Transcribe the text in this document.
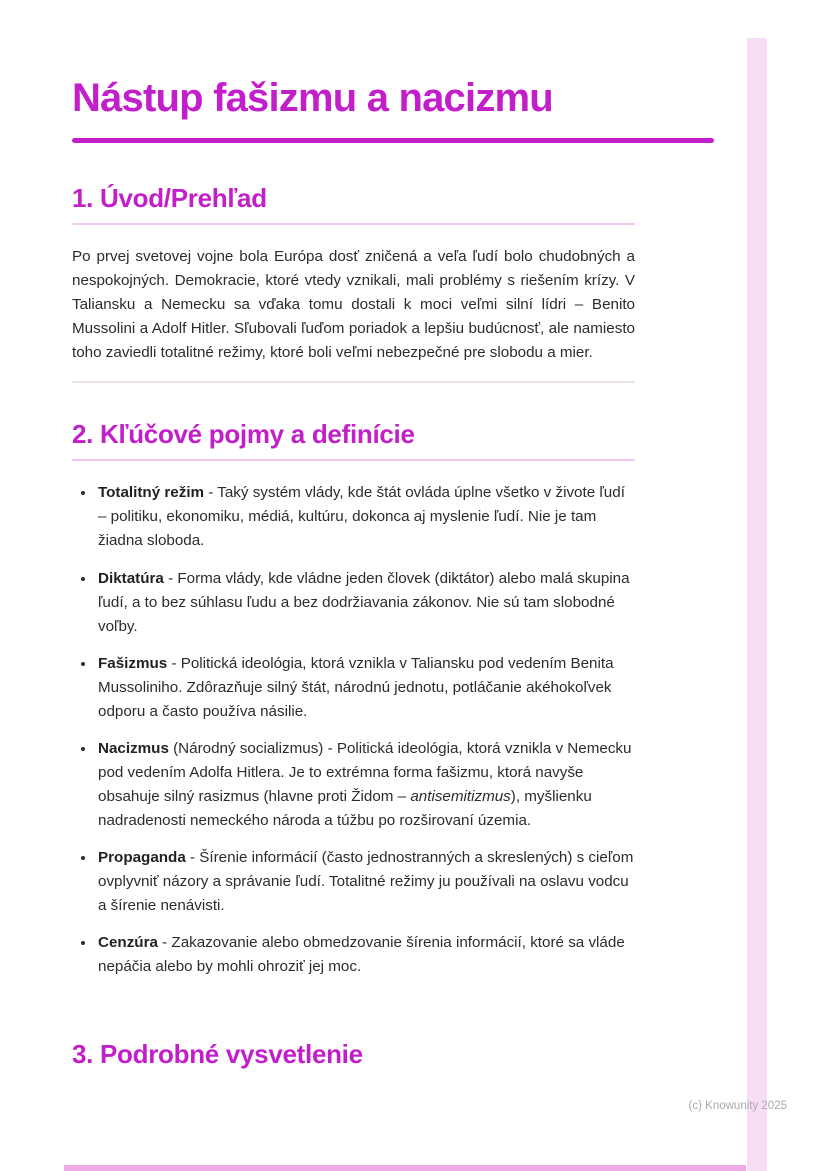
Nástup fašizmu a nacizmu
1. Úvod/Prehľad

Po prvej svetovej vojne bola Európa dosť zničená a veľa ľudí bolo chudobných a nespokojných. Demokracie, ktoré vtedy vznikali, mali problémy s riešením krízy. V Taliansku a Nemecku sa vďaka tomu dostali k moci veľmi silní lídri – Benito Mussolini a Adolf Hitler. Sľubovali ľuďom poriadok a lepšiu budúcnosť, ale namiesto toho zaviedli totalitné režimy, ktoré boli veľmi nebezpečné pre slobodu a mier.

2. Kľúčové pojmy a definície
• Totalitný režim - Taký systém vlády, kde štát ovláda úplne všetko v živote ľudí – politiku, ekonomiku, médiá, kultúru, dokonca aj myslenie ľudí. Nie je tam žiadna sloboda.
• Diktatúra - Forma vlády, kde vládne jeden človek (diktátor) alebo malá skupina ľudí, a to bez súhlasu ľudu a bez dodržiavania zákonov. Nie sú tam slobodné voľby.
• Fašizmus - Politická ideológia, ktorá vznikla v Taliansku pod vedením Benita Mussoliniho. Zdôrazňuje silný štát, národnú jednotu, potláčanie akéhokoľvek odporu a často používa násilie.
• Nacizmus (Národný socializmus) - Politická ideológia, ktorá vznikla v Nemecku pod vedením Adolfa Hitlera. Je to extrémna forma fašizmu, ktorá navyše obsahuje silný rasizmus (hlavne proti Židom – antisemitizmus), myšlienku nadradenosti nemeckého národa a túžbu po rozširovaní územia.
• Propaganda - Šírenie informácií (často jednostranných a skreslených) s cieľom ovplyvniť názory a správanie ľudí. Totalitné režimy ju používali na oslavu vodcu a šírenie nenávisti.
• Cenzúra - Zakazovanie alebo obmedzovanie šírenia informácií, ktoré sa vláde nepáčia alebo by mohli ohroziť jej moc.
3. Podrobné vysvetlenie
(c) Knowunity 2025
